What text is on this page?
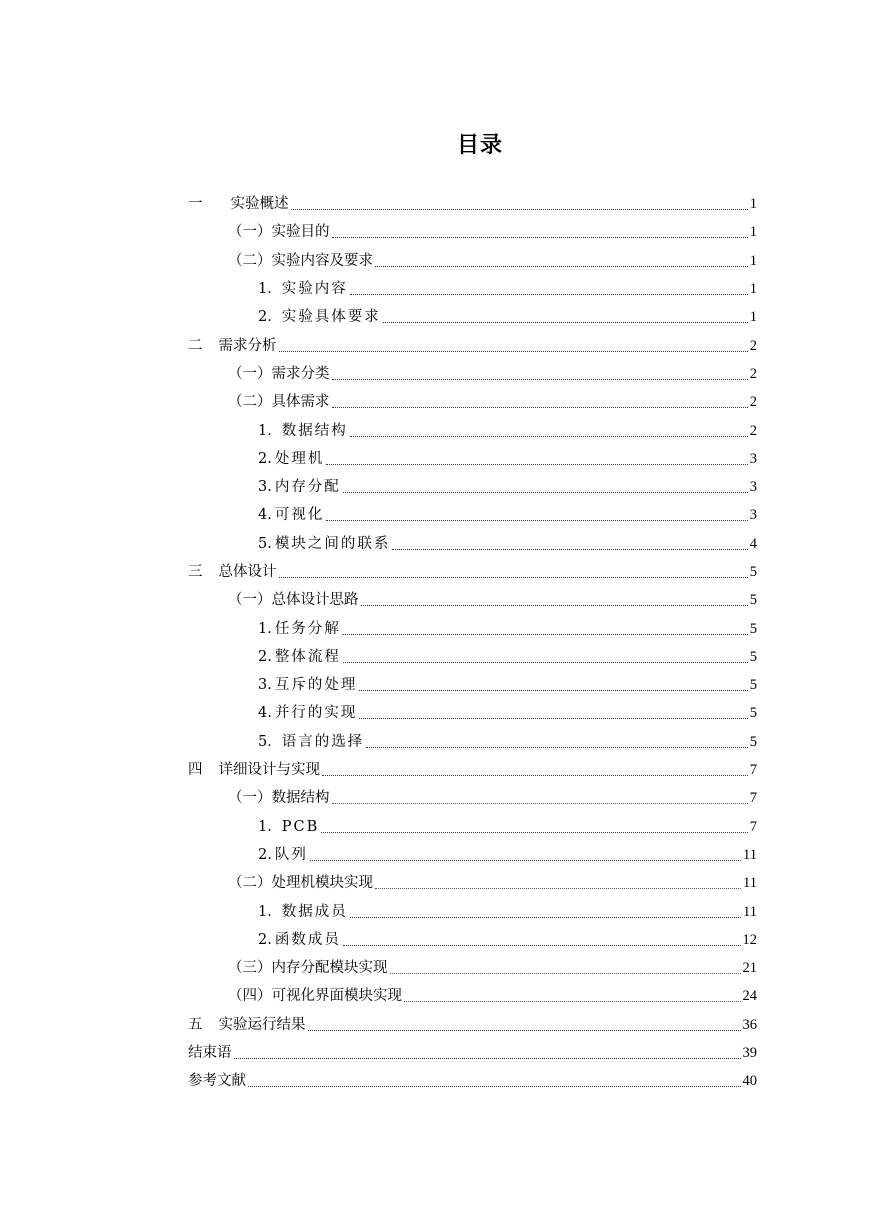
目录
一 实验概述	1
（一）实验目的	1
（二）实验内容及要求	1
1．实验内容	1
2．实验具体要求	1
二 需求分析	2
（一）需求分类	2
（二）具体需求	2
1．数据结构	2
2. 处理机	3
3. 内存分配	3
4. 可视化	3
5. 模块之间的联系	4
三 总体设计	5
（一）总体设计思路	5
1. 任务分解	5
2. 整体流程	5
3. 互斥的处理	5
4. 并行的实现	5
5．语言的选择	5
四 详细设计与实现	7
（一）数据结构	7
1．PCB	7
2. 队列	11
（二）处理机模块实现	11
1．数据成员	11
2. 函数成员	12
（三）内存分配模块实现	21
（四）可视化界面模块实现	24
五 实验运行结果	36
结束语	39
参考文献	40
